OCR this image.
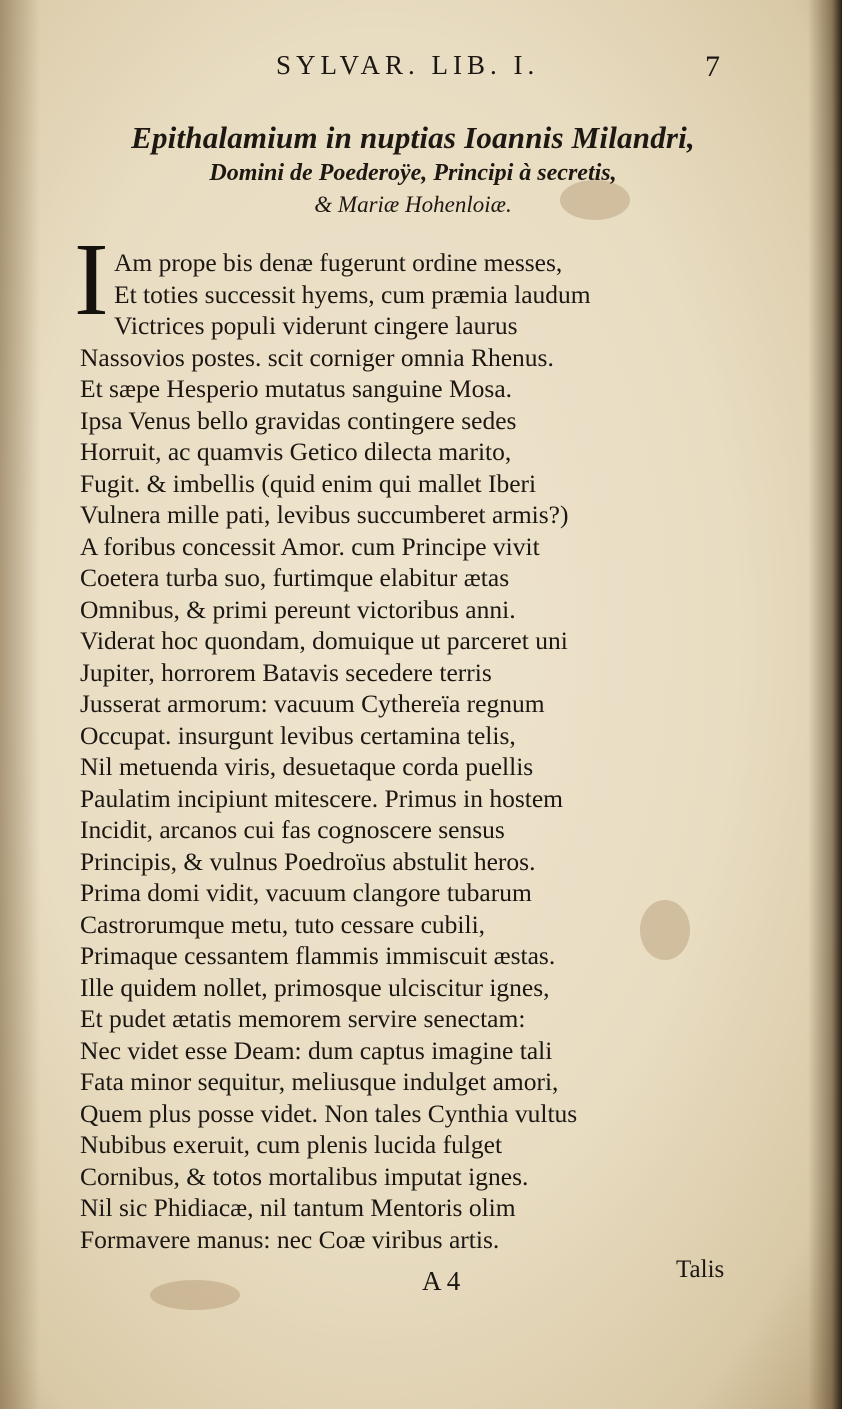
SYLVAR. LIB. I.	7
Epithalamium in nuptias Ioannis Milandri,
Domini de Poederoÿe, Principi à secretis,
& Mariæ Hohenloiæ.
I Am prope bis denæ fugerunt ordine messes,
Et toties successit hyems, cum præmia laudum
Victrices populi viderunt cingere laurus
Nassovios postes. scit corniger omnia Rhenus.
Et sæpe Hesperio mutatus sanguine Mosa.
Ipsa Venus bello gravidas contingere sedes
Horruit, ac quamvis Getico dilecta marito,
Fugit. & imbellis (quid enim qui mallet Iberi
Vulnera mille pati, levibus succumberet armis?)
A foribus concessit Amor. cum Principe vivit
Coetera turba suo, furtimque elabitur ætas
Omnibus, & primi pereunt victoribus anni.
Viderat hoc quondam, domuique ut parceret uni
Jupiter, horrorem Batavis secedere terris
Jusserat armorum: vacuum Cythereïa regnum
Occupat. insurgunt levibus certamina telis,
Nil metuenda viris, desuetaque corda puellis
Paulatim incipiunt mitescere. Primus in hostem
Incidit, arcanos cui fas cognoscere sensus
Principis, & vulnus Poedroïus abstulit heros.
Prima domi vidit, vacuum clangore tubarum
Castrorumque metu, tuto cessare cubili,
Primaque cessantem flammis immiscuit æstas.
Ille quidem nollet, primosque ulciscitur ignes,
Et pudet ætatis memorem servire senectam:
Nec videt esse Deam: dum captus imagine tali
Fata minor sequitur, meliusque indulget amori,
Quem plus posse videt. Non tales Cynthia vultus
Nubibus exeruit, cum plenis lucida fulget
Cornibus, & totos mortalibus imputat ignes.
Nil sic Phidiacæ, nil tantum Mentoris olim
Formavere manus: nec Coæ viribus artis.
A 4	Talis
